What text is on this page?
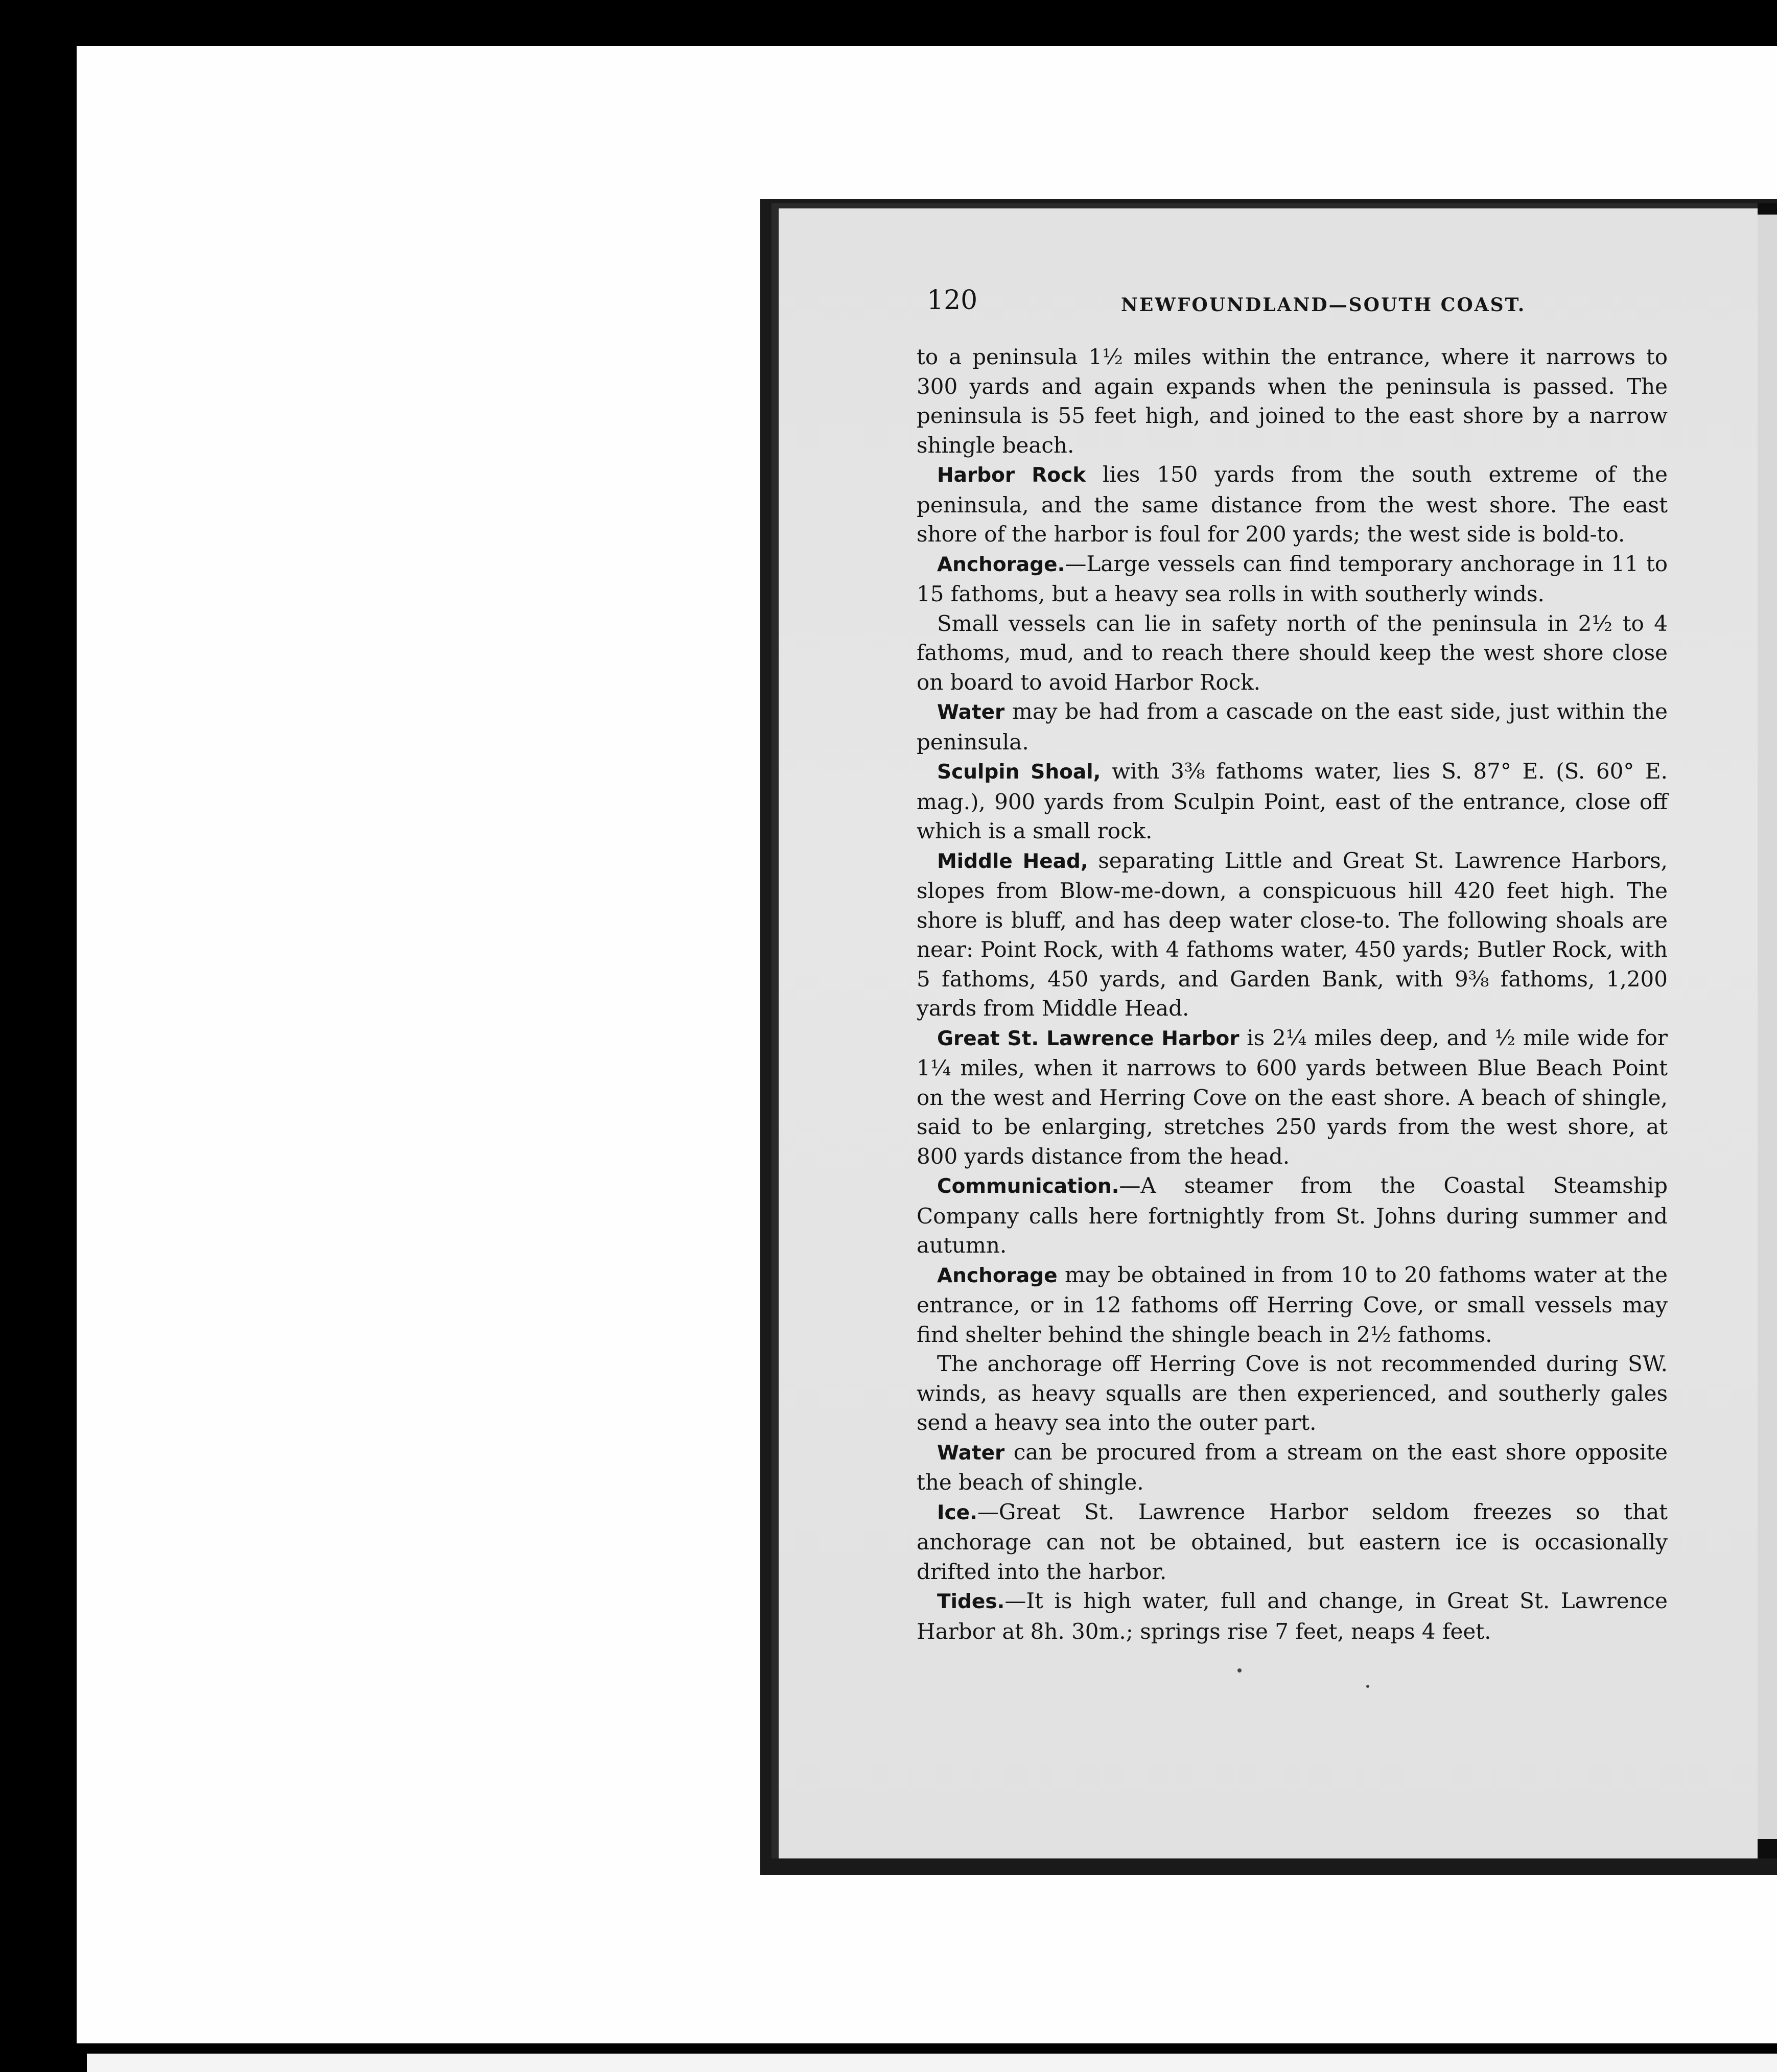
120	NEWFOUNDLAND—SOUTH COAST.

to a peninsula 1½ miles within the entrance, where it narrows to 300 yards and again expands when the peninsula is passed. The peninsula is 55 feet high, and joined to the east shore by a narrow shingle beach.

Harbor Rock lies 150 yards from the south extreme of the peninsula, and the same distance from the west shore. The east shore of the harbor is foul for 200 yards; the west side is bold-to.

Anchorage.—Large vessels can find temporary anchorage in 11 to 15 fathoms, but a heavy sea rolls in with southerly winds.

Small vessels can lie in safety north of the peninsula in 2½ to 4 fathoms, mud, and to reach there should keep the west shore close on board to avoid Harbor Rock.

Water may be had from a cascade on the east side, just within the peninsula.

Sculpin Shoal, with 3⅜ fathoms water, lies S. 87° E. (S. 60° E. mag.), 900 yards from Sculpin Point, east of the entrance, close off which is a small rock.

Middle Head, separating Little and Great St. Lawrence Harbors, slopes from Blow-me-down, a conspicuous hill 420 feet high. The shore is bluff, and has deep water close-to. The following shoals are near: Point Rock, with 4 fathoms water, 450 yards; Butler Rock, with 5 fathoms, 450 yards, and Garden Bank, with 9⅜ fathoms, 1,200 yards from Middle Head.

Great St. Lawrence Harbor is 2¼ miles deep, and ½ mile wide for 1¼ miles, when it narrows to 600 yards between Blue Beach Point on the west and Herring Cove on the east shore. A beach of shingle, said to be enlarging, stretches 250 yards from the west shore, at 800 yards distance from the head.

Communication.—A steamer from the Coastal Steamship Company calls here fortnightly from St. Johns during summer and autumn.

Anchorage may be obtained in from 10 to 20 fathoms water at the entrance, or in 12 fathoms off Herring Cove, or small vessels may find shelter behind the shingle beach in 2½ fathoms.

The anchorage off Herring Cove is not recommended during SW. winds, as heavy squalls are then experienced, and southerly gales send a heavy sea into the outer part.

Water can be procured from a stream on the east shore opposite the beach of shingle.

Ice.—Great St. Lawrence Harbor seldom freezes so that anchorage can not be obtained, but eastern ice is occasionally drifted into the harbor.

Tides.—It is high water, full and change, in Great St. Lawrence Harbor at 8h. 30m.; springs rise 7 feet, neaps 4 feet.
